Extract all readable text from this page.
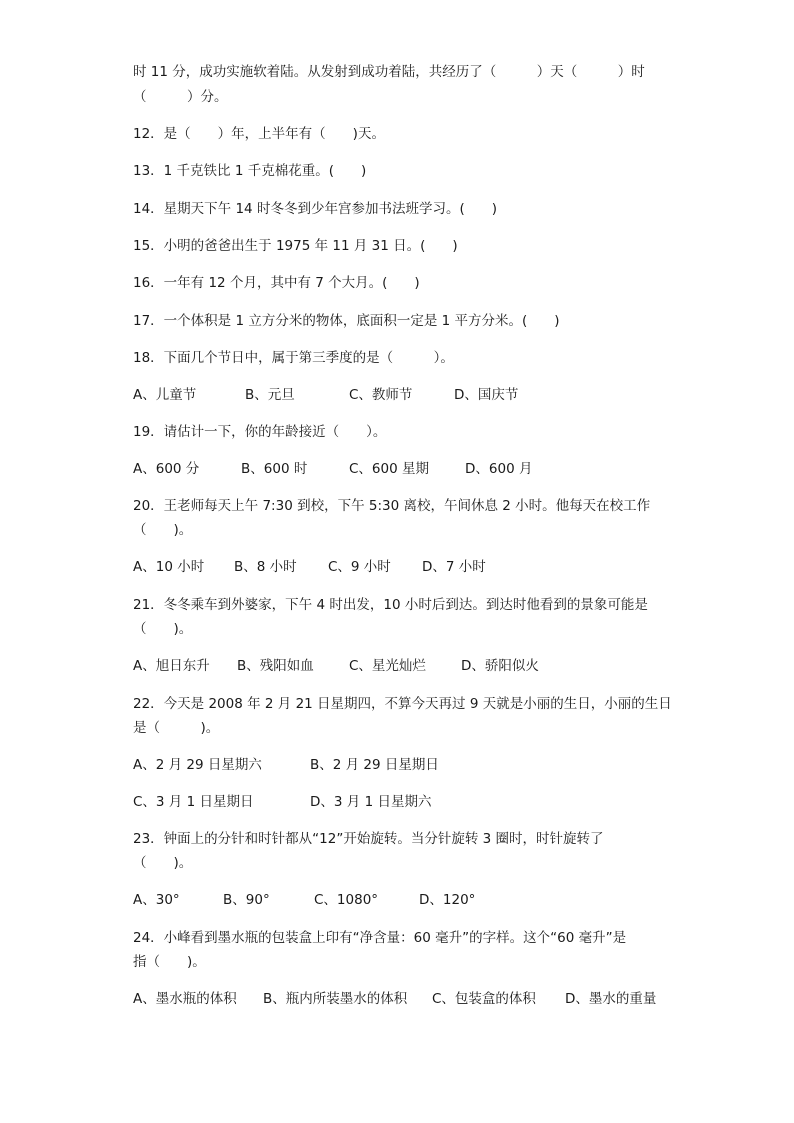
时 11 分，成功实施软着陆。从发射到成功着陆，共经历了（　　　）天（　　　）时
（　　　）分。
12．是（　　）年，上半年有（　　)天。
13．1 千克铁比 1 千克棉花重。(　　)
14．星期天下午 14 时冬冬到少年宫参加书法班学习。(　　)
15．小明的爸爸出生于 1975 年 11 月 31 日。(　　)
16．一年有 12 个月，其中有 7 个大月。(　　)
17．一个体积是 1 立方分米的物体，底面积一定是 1 平方分米。(　　)
18．下面几个节日中，属于第三季度的是（　　　）。
A、儿童节	B、元旦	C、教师节	D、国庆节
19．请估计一下，你的年龄接近（　　）。
A、600 分	B、600 时	C、600 星期	D、600 月
20．王老师每天上午 7:30 到校，下午 5:30 离校，午间休息 2 小时。他每天在校工作
（　　)。
A、10 小时 B、8 小时 C、9 小时 D、7 小时
21．冬冬乘车到外婆家，下午 4 时出发，10 小时后到达。到达时他看到的景象可能是
（　　)。
A、旭日东升 B、残阳如血	C、星光灿烂	D、骄阳似火
22．今天是 2008 年 2 月 21 日星期四，不算今天再过 9 天就是小丽的生日，小丽的生日
是（　　　)。
A、2 月 29 日星期六	B、2 月 29 日星期日
C、3 月 1 日星期日	D、3 月 1 日星期六
23．钟面上的分针和时针都从“12”开始旋转。当分针旋转 3 圈时，时针旋转了
（　　)。
A、30°	B、90°	C、1080°	D、120°
24．小峰看到墨水瓶的包装盒上印有“净含量：60 毫升”的字样。这个“60 毫升”是
指（　　)。
A、墨水瓶的体积 B、瓶内所装墨水的体积 C、包装盒的体积 D、墨水的重量
